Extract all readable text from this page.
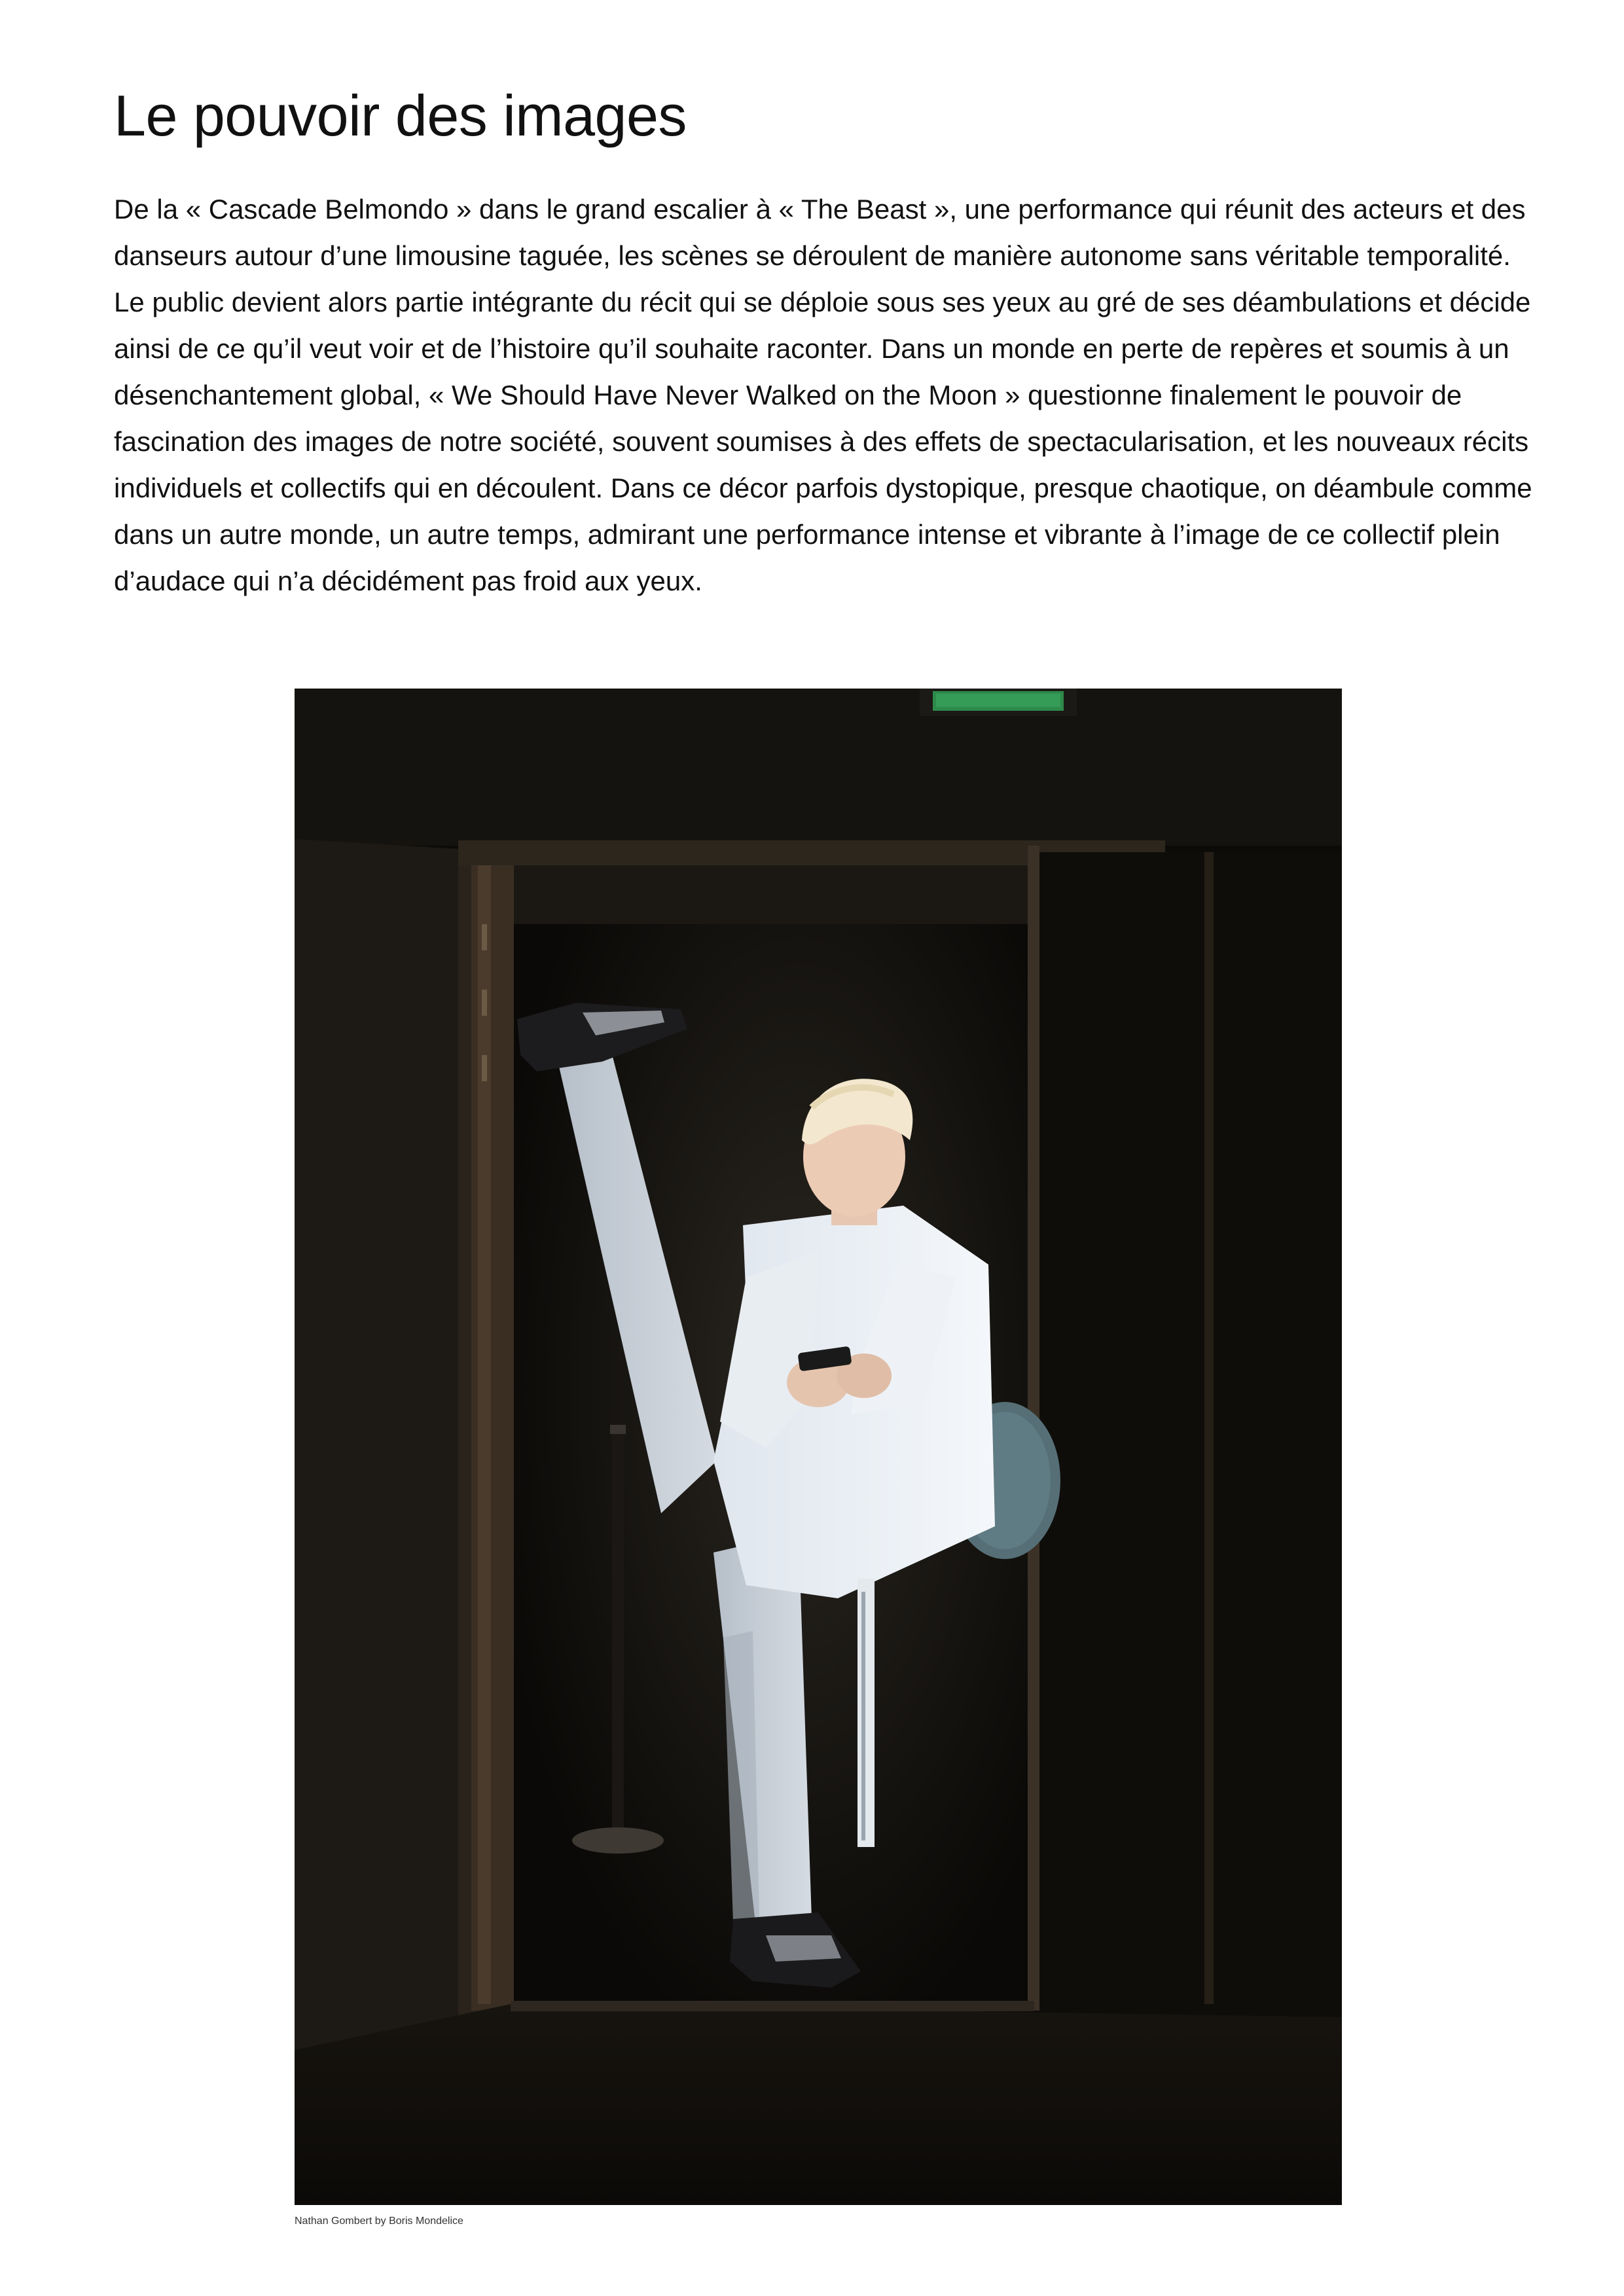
Le pouvoir des images

De la « Cascade Belmondo » dans le grand escalier à « The Beast », une performance qui réunit des acteurs et des danseurs autour d’une limousine taguée, les scènes se déroulent de manière autonome sans véritable temporalité. Le public devient alors partie intégrante du récit qui se déploie sous ses yeux au gré de ses déambulations et décide ainsi de ce qu’il veut voir et de l’histoire qu’il souhaite raconter. Dans un monde en perte de repères et soumis à un désenchantement global, « We Should Have Never Walked on the Moon » questionne finalement le pouvoir de fascination des images de notre société, souvent soumises à des effets de spectacularisation, et les nouveaux récits individuels et collectifs qui en découlent. Dans ce décor parfois dystopique, presque chaotique, on déambule comme dans un autre monde, un autre temps, admirant une performance intense et vibrante à l’image de ce collectif plein d’audace qui n’a décidément pas froid aux yeux.

Nathan Gombert by Boris Mondelice
